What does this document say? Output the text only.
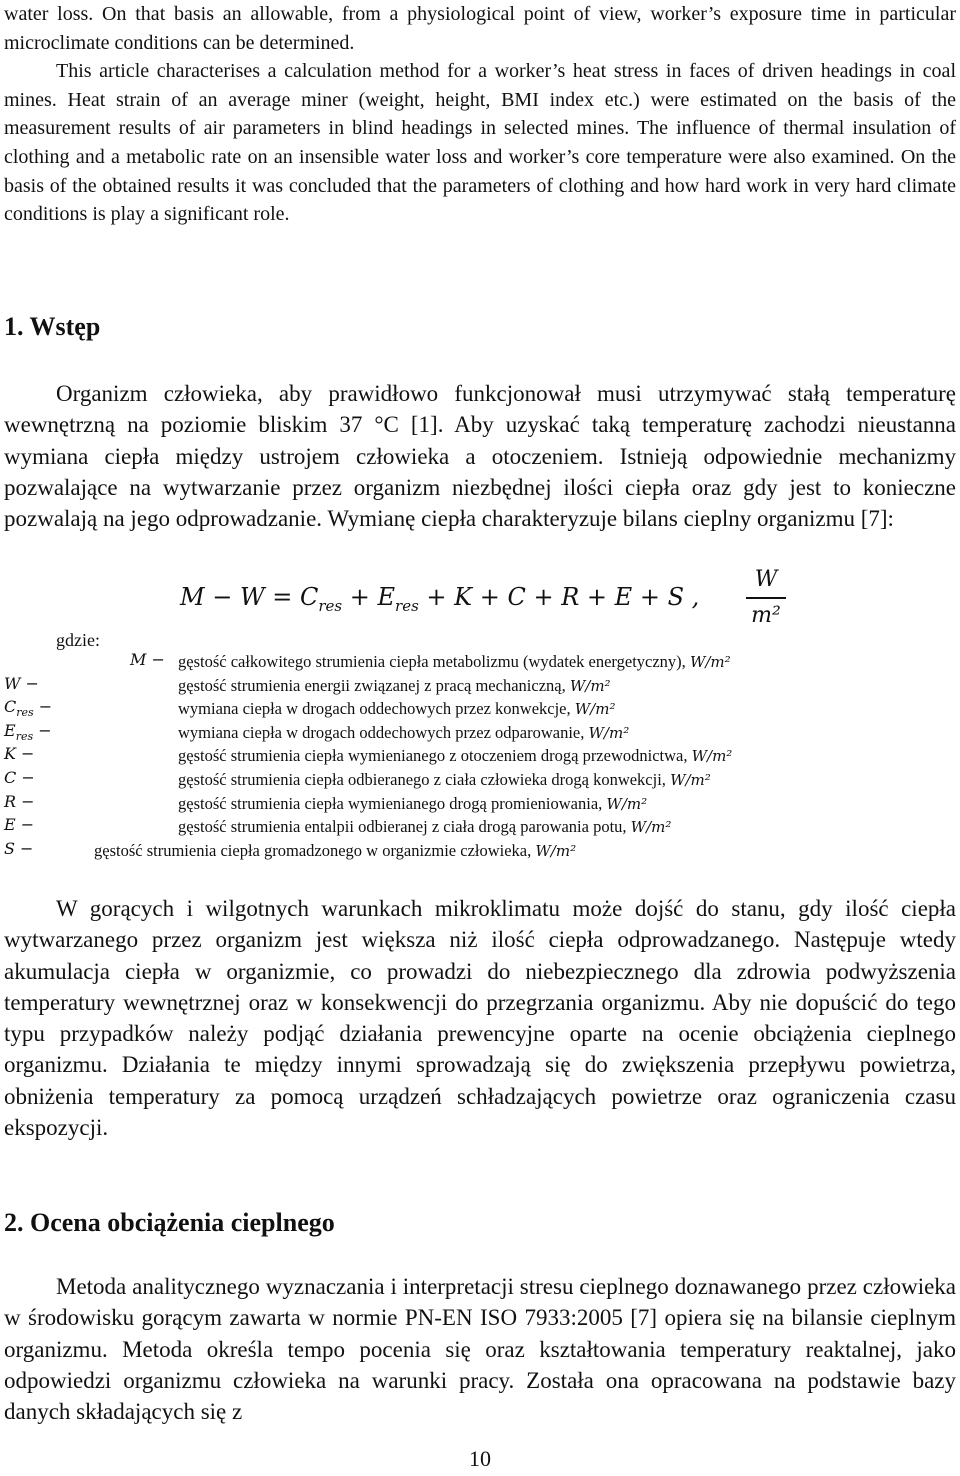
water loss. On that basis an allowable, from a physiological point of view, worker’s exposure time in particular microclimate conditions can be determined.

This article characterises a calculation method for a worker’s heat stress in faces of driven headings in coal mines. Heat strain of an average miner (weight, height, BMI index etc.) were estimated on the basis of the measurement results of air parameters in blind headings in selected mines. The influence of thermal insulation of clothing and a metabolic rate on an insensible water loss and worker’s core temperature were also examined. On the basis of the obtained results it was concluded that the parameters of clothing and how hard work in very hard climate conditions is play a significant role.

1. Wstęp

Organizm człowieka, aby prawidłowo funkcjonował musi utrzymywać stałą temperaturę wewnętrzną na poziomie bliskim 37 °C [1]. Aby uzyskać taką temperaturę zachodzi nieustanna wymiana ciepła między ustrojem człowieka a otoczeniem. Istnieją odpowiednie mechanizmy pozwalające na wytwarzanie przez organizm niezbędnej ilości ciepła oraz gdy jest to konieczne pozwalają na jego odprowadzanie. Wymianę ciepła charakteryzuje bilans cieplny organizmu [7]:

$M - W = C_{res} + E_{res} + K + C + R + E + S$ ,
W
m²
gdzie:
M − gęstość całkowitego strumienia ciepła metabolizmu (wydatek energetyczny), W/m²
W −	gęstość strumienia energii związanej z pracą mechaniczną, W/m²
$C_{res}$ −	wymiana ciepła w drogach oddechowych przez konwekcje, W/m²
$E_{res}$ −	wymiana ciepła w drogach oddechowych przez odparowanie, W/m²
K −	gęstość strumienia ciepła wymienianego z otoczeniem drogą przewodnictwa, W/m²
C −	gęstość strumienia ciepła odbieranego z ciała człowieka drogą konwekcji, W/m²
R −	gęstość strumienia ciepła wymienianego drogą promieniowania, W/m²
E −	gęstość strumienia entalpii odbieranej z ciała drogą parowania potu, W/m²
S −	gęstość strumienia ciepła gromadzonego w organizmie człowieka, W/m²

W gorących i wilgotnych warunkach mikroklimatu może dojść do stanu, gdy ilość ciepła wytwarzanego przez organizm jest większa niż ilość ciepła odprowadzanego. Następuje wtedy akumulacja ciepła w organizmie, co prowadzi do niebezpiecznego dla zdrowia podwyższenia temperatury wewnętrznej oraz w konsekwencji do przegrzania organizmu. Aby nie dopuścić do tego typu przypadków należy podjąć działania prewencyjne oparte na ocenie obciążenia cieplnego organizmu. Działania te między innymi sprowadzają się do zwiększenia przepływu powietrza, obniżenia temperatury za pomocą urządzeń schładzających powietrze oraz ograniczenia czasu ekspozycji.

2. Ocena obciążenia cieplnego

Metoda analitycznego wyznaczania i interpretacji stresu cieplnego doznawanego przez człowieka w środowisku gorącym zawarta w normie PN-EN ISO 7933:2005 [7] opiera się na bilansie cieplnym organizmu. Metoda określa tempo pocenia się oraz kształtowania temperatury reaktalnej, jako odpowiedzi organizmu człowieka na warunki pracy. Została ona opracowana na podstawie bazy danych składających się z

10
